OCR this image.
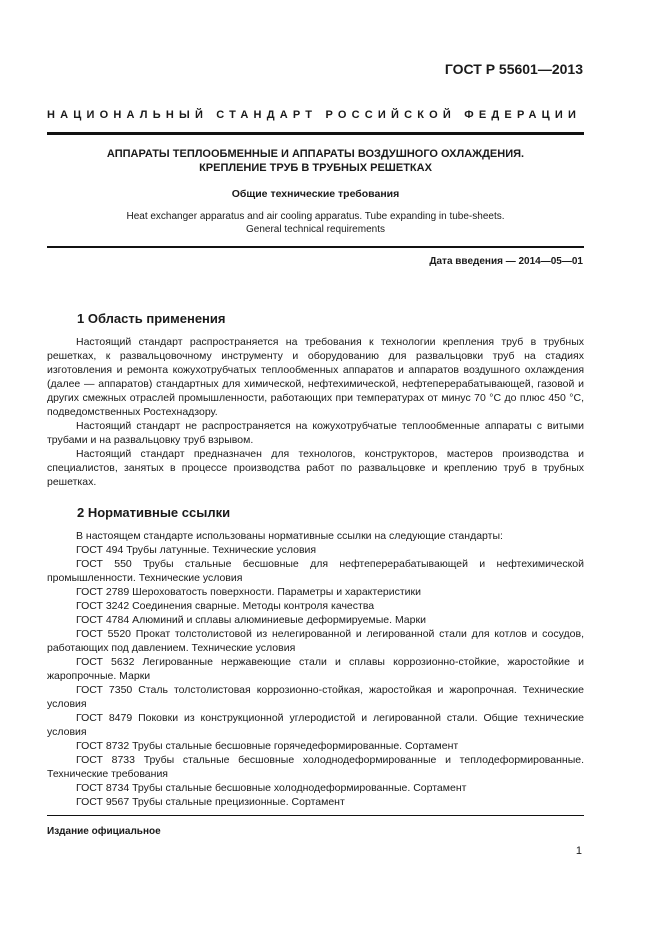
ГОСТ Р 55601—2013
НАЦИОНАЛЬНЫЙ СТАНДАРТ РОССИЙСКОЙ ФЕДЕРАЦИИ
АППАРАТЫ ТЕПЛООБМЕННЫЕ И АППАРАТЫ ВОЗДУШНОГО ОХЛАЖДЕНИЯ.
КРЕПЛЕНИЕ ТРУБ В ТРУБНЫХ РЕШЕТКАХ
Общие технические требования
Heat exchanger apparatus and air cooling apparatus. Tube expanding in tube-sheets.
General technical requirements
Дата введения — 2014—05—01
1 Область применения

Настоящий стандарт распространяется на требования к технологии крепления труб в трубных решетках, к развальцовочному инструменту и оборудованию для развальцовки труб на стадиях изготовления и ремонта кожухотрубчатых теплообменных аппаратов и аппаратов воздушного охлаждения (далее — аппаратов) стандартных для химической, нефтехимической, нефтеперерабатывающей, газовой и других смежных отраслей промышленности, работающих при температурах от минус 70 °С до плюс 450 °С, подведомственных Ростехнадзору.

Настоящий стандарт не распространяется на кожухотрубчатые теплообменные аппараты с витыми трубами и на развальцовку труб взрывом.

Настоящий стандарт предназначен для технологов, конструкторов, мастеров производства и специалистов, занятых в процессе производства работ по развальцовке и креплению труб в трубных решетках.

2 Нормативные ссылки

В настоящем стандарте использованы нормативные ссылки на следующие стандарты:

ГОСТ 494 Трубы латунные. Технические условия

ГОСТ 550 Трубы стальные бесшовные для нефтеперерабатывающей и нефтехимической промышленности. Технические условия

ГОСТ 2789 Шероховатость поверхности. Параметры и характеристики

ГОСТ 3242 Соединения сварные. Методы контроля качества

ГОСТ 4784 Алюминий и сплавы алюминиевые деформируемые. Марки

ГОСТ 5520 Прокат толстолистовой из нелегированной и легированной стали для котлов и сосудов, работающих под давлением. Технические условия

ГОСТ 5632 Легированные нержавеющие стали и сплавы коррозионно-стойкие, жаростойкие и жаропрочные. Марки

ГОСТ 7350 Сталь толстолистовая коррозионно-стойкая, жаростойкая и жаропрочная. Технические условия

ГОСТ 8479 Поковки из конструкционной углеродистой и легированной стали. Общие технические условия

ГОСТ 8732 Трубы стальные бесшовные горячедеформированные. Сортамент

ГОСТ 8733 Трубы стальные бесшовные холоднодеформированные и теплодеформированные. Технические требования

ГОСТ 8734 Трубы стальные бесшовные холоднодеформированные. Сортамент

ГОСТ 9567 Трубы стальные прецизионные. Сортамент

Издание официальное
1
